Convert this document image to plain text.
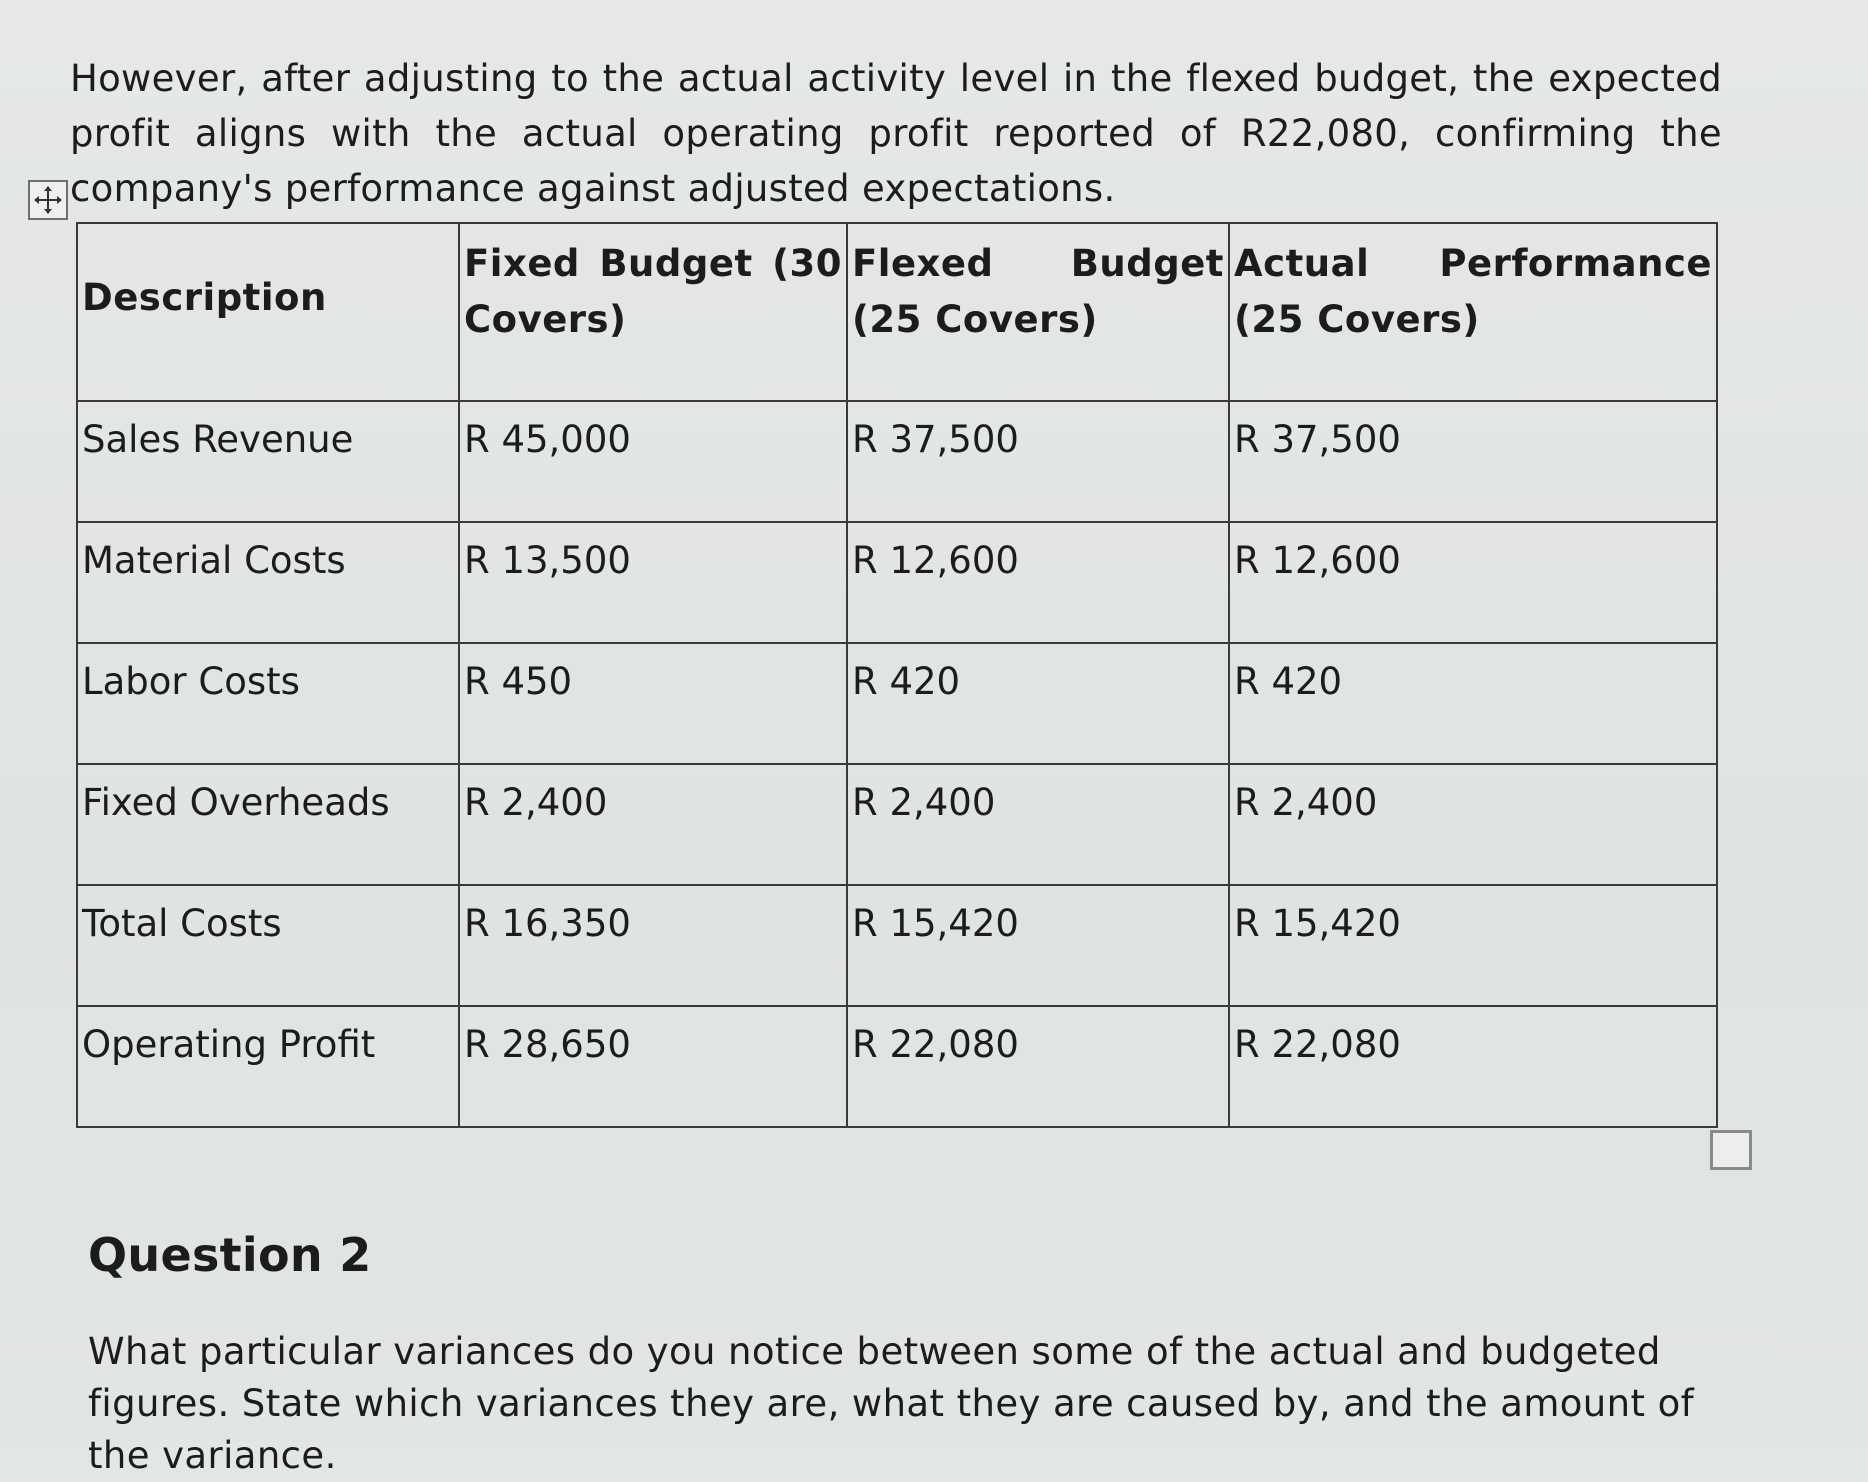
However, after adjusting to the actual activity level in the flexed budget, the expected profit aligns with the actual operating profit reported of R22,080, confirming the company's performance against adjusted expectations.

Description	Fixed Budget (30 Covers)	Flexed Budget (25 Covers)	Actual Performance (25 Covers)

Sales Revenue	R 45,000	R 37,500	R 37,500
Material Costs	R 13,500	R 12,600	R 12,600
Labor Costs	R 450	R 420	R 420
Fixed Overheads	R 2,400	R 2,400	R 2,400
Total Costs	R 16,350	R 15,420	R 15,420
Operating Profit	R 28,650	R 22,080	R 22,080
Question 2

What particular variances do you notice between some of the actual and budgeted figures. State which variances they are, what they are caused by, and the amount of the variance.
